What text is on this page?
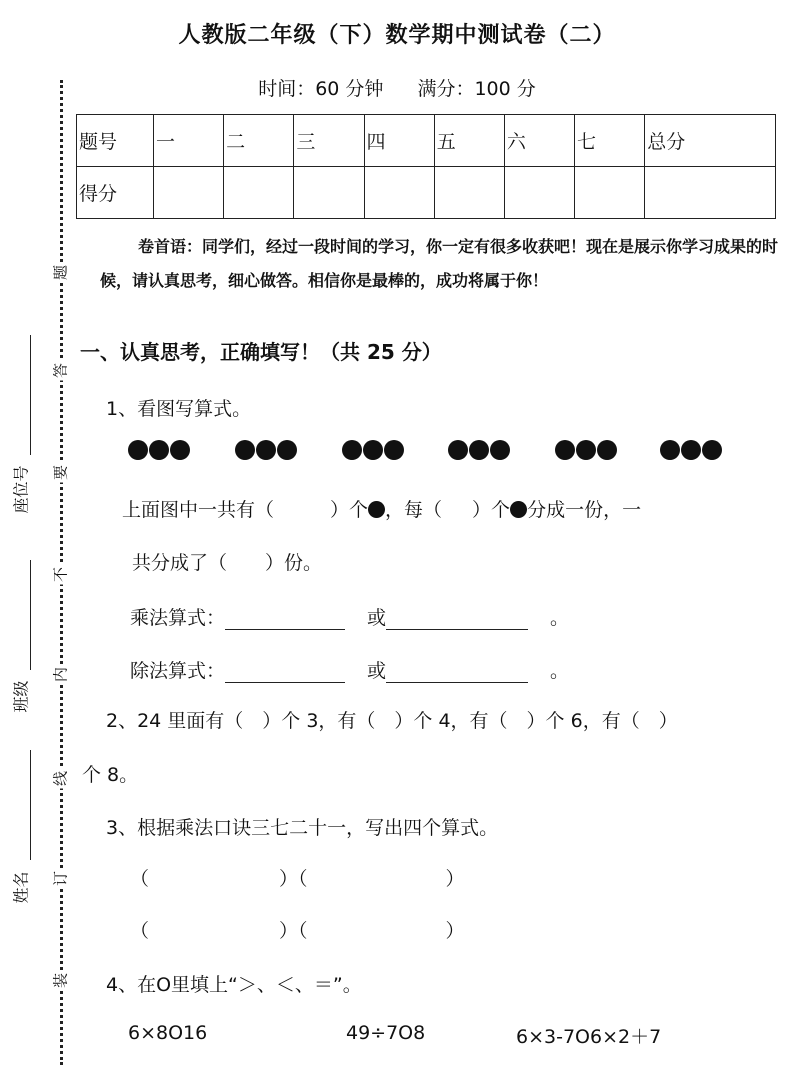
人教版二年级（下）数学期中测试卷（二）
时间：60 分钟 满分：100 分
题号	一	二	三	四	五	六	七	总分
得分								
卷首语：同学们，经过一段时间的学习，你一定有很多收获吧！现在是展示你学习成果的时候，请认真思考，细心做答。相信你是最棒的，成功将属于你！
题
答
要
不
内
线
订
装
座位号
班级
姓名
一、认真思考，正确填写！（共 25 分）
1、看图写算式。
上面图中一共有（	）个 ，每（ ）个 分成一份，一
共分成了（　　）份。
乘法算式：	或	。
除法算式：	或	。
2、24 里面有（　）个 3，有（　）个 4，有（　）个 6，有（　）
个 8。
3、根据乘法口诀三七二十一，写出四个算式。
（	）（	）
（	）（	）
4、在O里填上“＞、＜、＝”。
6×8O16	49÷7O8	6×3-7O6×2＋7
